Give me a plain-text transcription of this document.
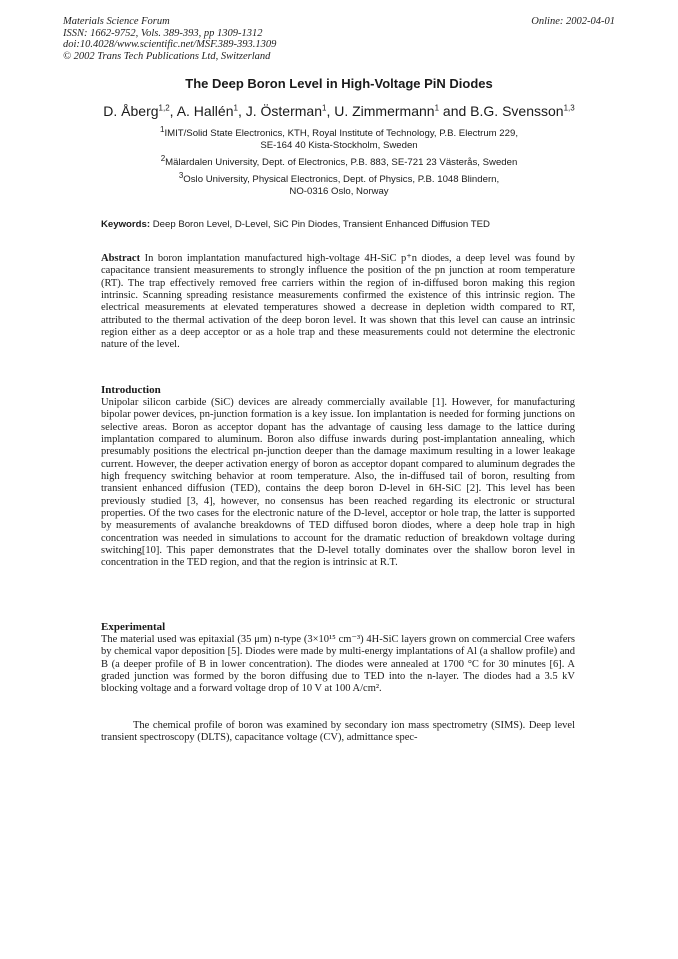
Materials Science Forum
ISSN: 1662-9752, Vols. 389-393, pp 1309-1312
doi:10.4028/www.scientific.net/MSF.389-393.1309
© 2002 Trans Tech Publications Ltd, Switzerland
Online: 2002-04-01
The Deep Boron Level in High-Voltage PiN Diodes
D. Åberg$^{1,2}$, A. Hallén$^1$, J. Österman$^1$, U. Zimmermann$^1$ and B.G. Svensson$^{1,3}$
$^1$IMIT/Solid State Electronics, KTH, Royal Institute of Technology, P.B. Electrum 229,
SE-164 40 Kista-Stockholm, Sweden
$^2$Mälardalen University, Dept. of Electronics, P.B. 883, SE-721 23 Västerås, Sweden
$^3$Oslo University, Physical Electronics, Dept. of Physics, P.B. 1048 Blindern,
NO-0316 Oslo, Norway
Keywords: Deep Boron Level, D-Level, SiC Pin Diodes, Transient Enhanced Diffusion TED
Abstract In boron implantation manufactured high-voltage 4H-SiC p⁺n diodes, a deep level was found by capacitance transient measurements to strongly influence the position of the pn junction at room temperature (RT). The trap effectively removed free carriers within the region of in-diffused boron making this region intrinsic. Scanning spreading resistance measurements confirmed the existence of this intrinsic region. The electrical measurements at elevated temperatures showed a decrease in depletion width compared to RT, attributed to the thermal activation of the deep boron level. It was shown that this level can cause an intrinsic region either as a deep acceptor or as a hole trap and these measurements could not determine the electronic nature of the level.
Introduction
Unipolar silicon carbide (SiC) devices are already commercially available [1]. However, for manufacturing bipolar power devices, pn-junction formation is a key issue. Ion implantation is needed for forming junctions on selective areas. Boron as acceptor dopant has the advantage of causing less damage to the lattice during implantation compared to aluminum. Boron also diffuse inwards during post-implantation annealing, which presumably positions the electrical pn-junction deeper than the damage maximum resulting in a lower leakage current. However, the deeper activation energy of boron as acceptor dopant compared to aluminum degrades the high frequency switching behavior at room temperature. Also, the in-diffused tail of boron, resulting from transient enhanced diffusion (TED), contains the deep boron D-level in 6H-SiC [2]. This level has been previously studied [3, 4], however, no consensus has been reached regarding its electronic or structural properties. Of the two cases for the electronic nature of the D-level, acceptor or hole trap, the latter is supported by measurements of avalanche breakdowns of TED diffused boron diodes, where a deep hole trap in high concentration was needed in simulations to account for the dramatic reduction of breakdown voltage during switching[10]. This paper demonstrates that the D-level totally dominates over the shallow boron level in concentration in the TED region, and that the region is intrinsic at R.T.
Experimental
The material used was epitaxial (35 μm) n-type (3×10¹⁵ cm⁻³) 4H-SiC layers grown on commercial Cree wafers by chemical vapor deposition [5]. Diodes were made by multi-energy implantations of Al (a shallow profile) and B (a deeper profile of B in lower concentration). The diodes were annealed at 1700 °C for 30 minutes [6]. A graded junction was formed by the boron diffusing due to TED into the n-layer. The diodes had a 3.5 kV blocking voltage and a forward voltage drop of 10 V at 100 A/cm².
The chemical profile of boron was examined by secondary ion mass spectrometry (SIMS). Deep level transient spectroscopy (DLTS), capacitance voltage (CV), admittance spec-
